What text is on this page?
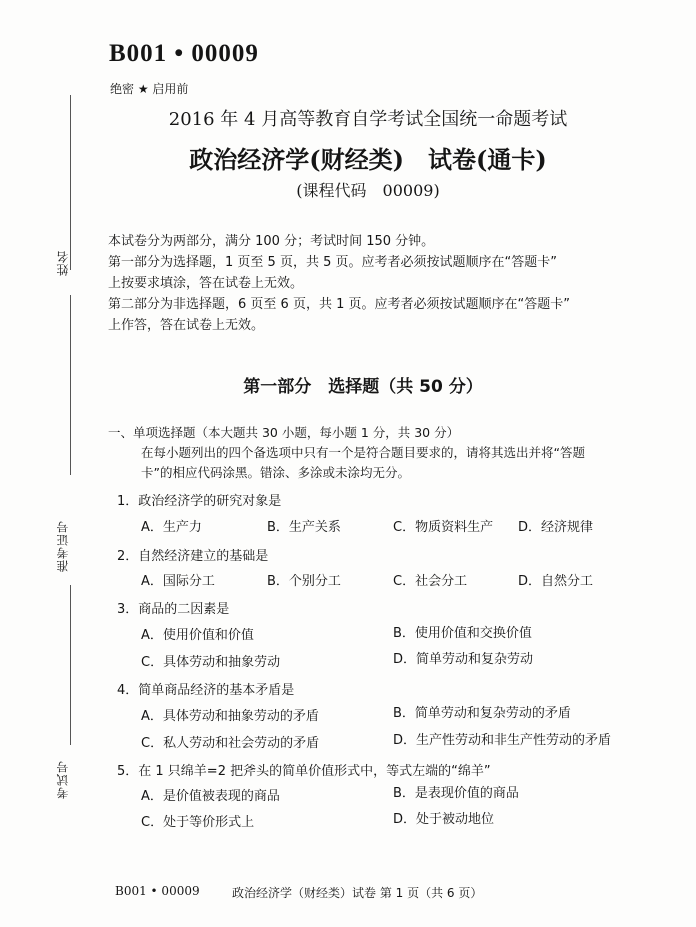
姓名
准考证号
考试号
B001 • 00009
绝密 ★ 启用前
2016 年 4 月高等教育自学考试全国统一命题考试
政治经济学(财经类)　试卷(通卡)
(课程代码　00009)

本试卷分为两部分，满分 100 分；考试时间 150 分钟。

第一部分为选择题，1 页至 5 页，共 5 页。应考者必须按试题顺序在“答题卡”

上按要求填涂，答在试卷上无效。

第二部分为非选择题，6 页至 6 页，共 1 页。应考者必须按试题顺序在“答题卡”

上作答，答在试卷上无效。

第一部分　选择题（共 50 分）
一、单项选择题（本大题共 30 小题，每小题 1 分，共 30 分）
在每小题列出的四个备选项中只有一个是符合题目要求的，请将其选出并将“答题
卡”的相应代码涂黑。错涂、多涂或未涂均无分。
1．政治经济学的研究对象是
A．生产力	B．生产关系	C．物质资料生产 D．经济规律
2．自然经济建立的基础是
A．国际分工	B．个别分工	C．社会分工	D．自然分工
3．商品的二因素是
A．使用价值和价值	B．使用价值和交换价值
C．具体劳动和抽象劳动	D．简单劳动和复杂劳动
4．简单商品经济的基本矛盾是
A．具体劳动和抽象劳动的矛盾	B．简单劳动和复杂劳动的矛盾
C．私人劳动和社会劳动的矛盾	D．生产性劳动和非生产性劳动的矛盾
5．在 1 只绵羊=2 把斧头的简单价值形式中，等式左端的“绵羊”
A．是价值被表现的商品	B．是表现价值的商品
C．处于等价形式上	D．处于被动地位
B001 • 00009	政治经济学（财经类）试卷 第 1 页（共 6 页）
